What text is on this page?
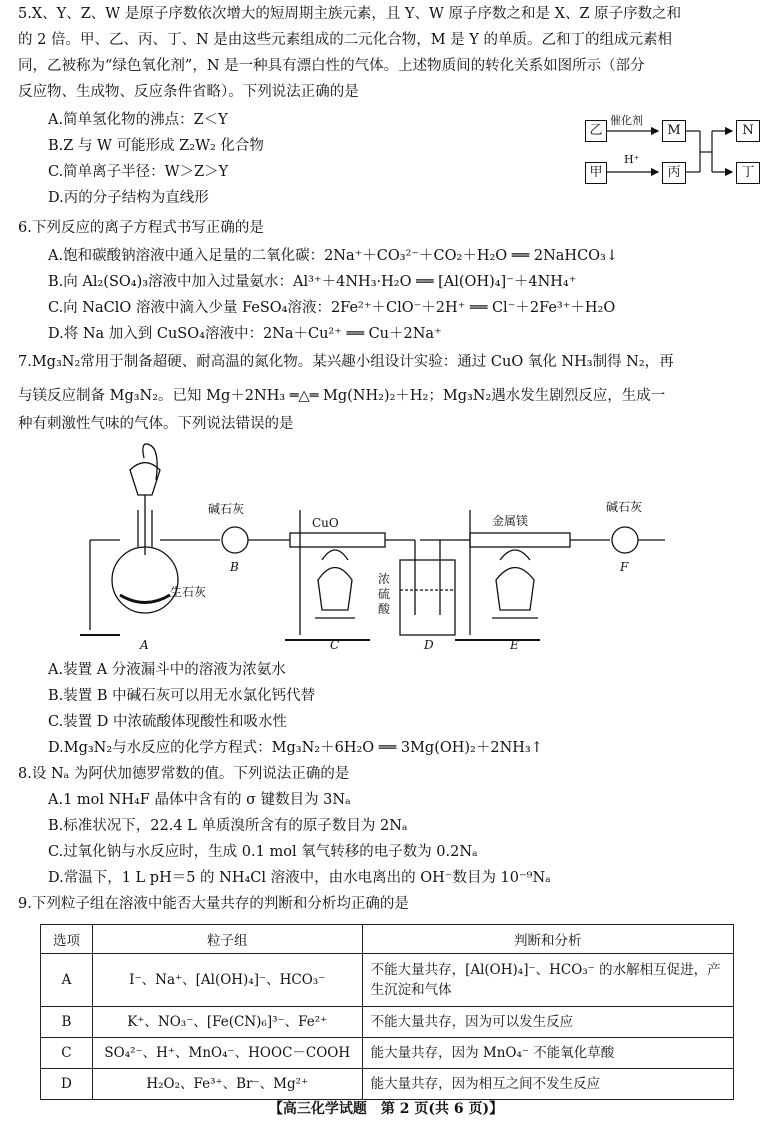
5.X、Y、Z、W 是原子序数依次增大的短周期主族元素，且 Y、W 原子序数之和是 X、Z 原子序数之和
的 2 倍。甲、乙、丙、丁、N 是由这些元素组成的二元化合物，M 是 Y 的单质。乙和丁的组成元素相
同，乙被称为“绿色氧化剂”，N 是一种具有漂白性的气体。上述物质间的转化关系如图所示（部分
反应物、生成物、反应条件省略）。下列说法正确的是
A.简单氢化物的沸点：Z＜Y
B.Z 与 W 可能形成 Z₂W₂ 化合物
C.简单离子半径：W＞Z＞Y
D.丙的分子结构为直线形
乙
甲
M
丙
N
丁
催化剂
H⁺
6.下列反应的离子方程式书写正确的是
A.饱和碳酸钠溶液中通入足量的二氧化碳：2Na⁺＋CO₃²⁻＋CO₂＋H₂O ══ 2NaHCO₃↓
B.向 Al₂(SO₄)₃溶液中加入过量氨水：Al³⁺＋4NH₃·H₂O ══ [Al(OH)₄]⁻＋4NH₄⁺
C.向 NaClO 溶液中滴入少量 FeSO₄溶液：2Fe²⁺＋ClO⁻＋2H⁺ ══ Cl⁻＋2Fe³⁺＋H₂O
D.将 Na 加入到 CuSO₄溶液中：2Na＋Cu²⁺ ══ Cu＋2Na⁺
7.Mg₃N₂常用于制备超硬、耐高温的氮化物。某兴趣小组设计实验：通过 CuO 氧化 NH₃制得 N₂，再
与镁反应制备 Mg₃N₂。已知 Mg＋2NH₃ ═△═ Mg(NH₂)₂＋H₂；Mg₃N₂遇水发生剧烈反应，生成一
种有刺激性气味的气体。下列说法错误的是
碱石灰
CuO
浓硫酸
金属镁
碱石灰
生石灰
A
B
C	D	E
F
A.装置 A 分液漏斗中的溶液为浓氨水
B.装置 B 中碱石灰可以用无水氯化钙代替
C.装置 D 中浓硫酸体现酸性和吸水性
D.Mg₃N₂与水反应的化学方程式：Mg₃N₂＋6H₂O ══ 3Mg(OH)₂＋2NH₃↑
8.设 Nₐ 为阿伏加德罗常数的值。下列说法正确的是
A.1 mol NH₄F 晶体中含有的 σ 键数目为 3Nₐ
B.标准状况下，22.4 L 单质溴所含有的原子数目为 2Nₐ
C.过氧化钠与水反应时，生成 0.1 mol 氧气转移的电子数为 0.2Nₐ
D.常温下，1 L pH＝5 的 NH₄Cl 溶液中，由水电离出的 OH⁻数目为 10⁻⁹Nₐ
9.下列粒子组在溶液中能否大量共存的判断和分析均正确的是
选项	粒子组	判断和分析
A	I⁻、Na⁺、[Al(OH)₄]⁻、HCO₃⁻	不能大量共存，[Al(OH)₄]⁻、HCO₃⁻ 的水解相互促进，产生沉淀和气体
B	K⁺、NO₃⁻、[Fe(CN)₆]³⁻、Fe²⁺	不能大量共存，因为可以发生反应
C	SO₄²⁻、H⁺、MnO₄⁻、HOOC－COOH	能大量共存，因为 MnO₄⁻ 不能氧化草酸
D	H₂O₂、Fe³⁺、Br⁻、Mg²⁺	能大量共存，因为相互之间不发生反应
【高三化学试题　第 2 页(共 6 页)】
